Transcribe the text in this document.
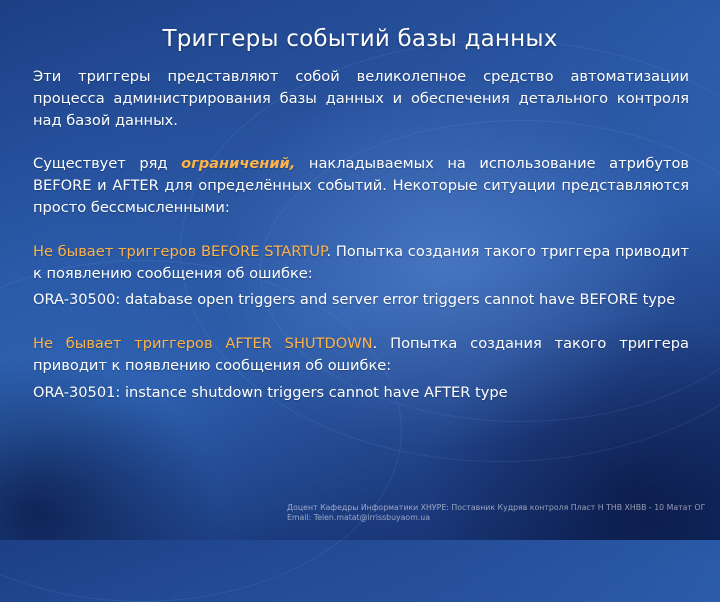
Триггеры событий базы данных

Эти триггеры представляют собой великолепное средство автоматизации процесса администрирования базы данных и обеспечения детального контроля над базой данных.

Существует ряд ограничений, накладываемых на использование атрибутов BEFORE и AFTER для определённых событий. Некоторые ситуации представляются просто бессмысленными:

Не бывает триггеров BEFORE STARTUP. Попытка создания такого триггера приводит к появлению сообщения об ошибке:

ORA-30500: database open triggers and server error triggers cannot have BEFORE type

Не бывает триггеров AFTER SHUTDOWN. Попытка создания такого триггера приводит к появлению сообщения об ошибке:

ORA-30501: instance shutdown triggers cannot have AFTER type

Доцент Кафедры Информатики ХНУРЕ: Поставник Кудряв контроля Пласт Н ТНВ ХНВВ - 10 Матат ОГ
Email: Telen.matat@irrissbuyaom.ua
